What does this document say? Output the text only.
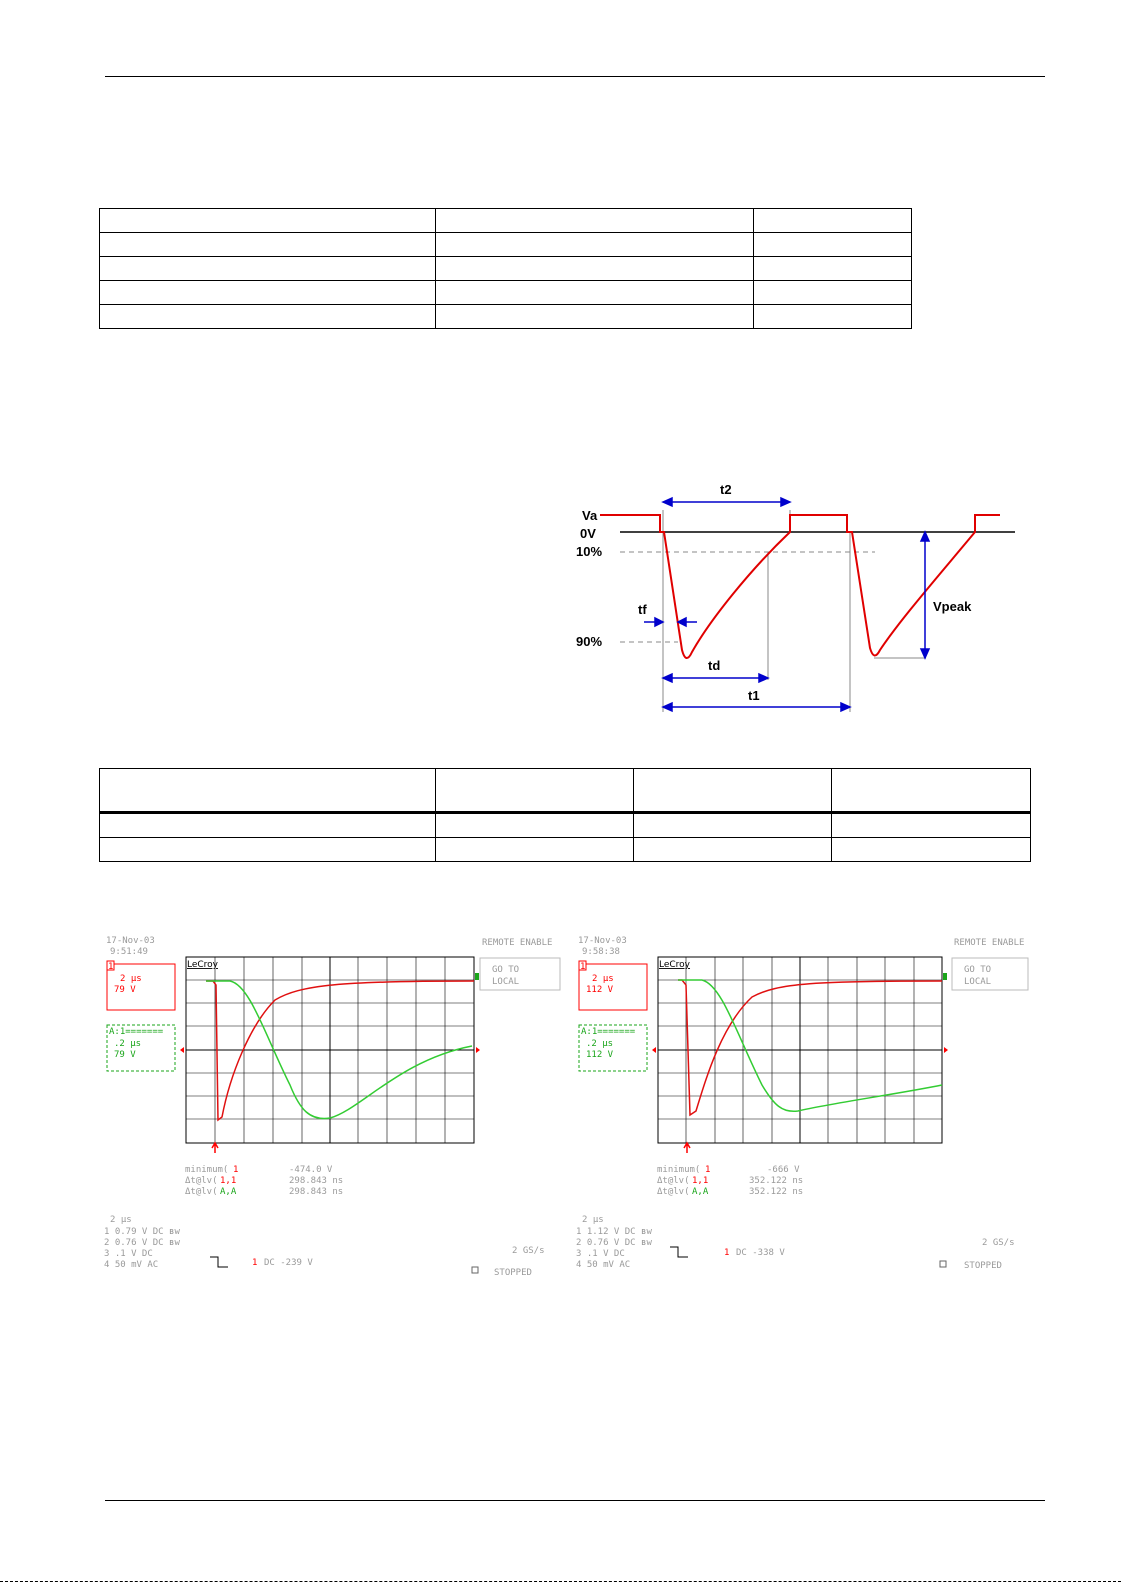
Va
0V
10%
90%
t2
tf
td
t1
Vpeak

17-Nov-03
9:51:49
REMOTE ENABLE
GO TO
LOCAL
1
2 μs
79 V
A:1=======
.2 μs
79 V
LeCroy
minimum( 1	-474.0 V
Δt@lv( 1,1	298.843 ns
Δt@lv( A,A	298.843 ns
2 μs
1 0.79 V DC ʙw
2 0.76 V DC ʙw
3 .1 V DC
4 50 mV AC	1 DC -239 V
2 GS/s
STOPPED
17-Nov-03
9:58:38
REMOTE ENABLE
GO TO
LOCAL
1
2 μs
112 V
A:1=======
.2 μs
112 V
LeCroy
minimum( 1	-666 V
Δt@lv( 1,1	352.122 ns
Δt@lv( A,A	352.122 ns
2 μs
1 1.12 V DC ʙw
2 0.76 V DC ʙw
3 .1 V DC
4 50 mV AC
1 DC -338 V
2 GS/s
STOPPED
